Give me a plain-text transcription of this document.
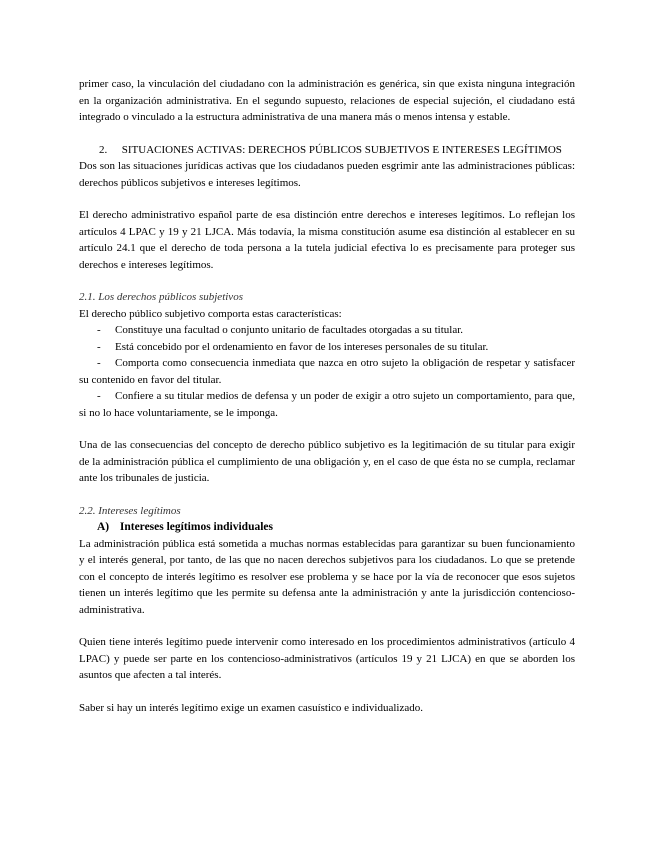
primer caso, la vinculación del ciudadano con la administración es genérica, sin que exista ninguna integración en la organización administrativa. En el segundo supuesto, relaciones de especial sujeción, el ciudadano está integrado o vinculado a la estructura administrativa de una manera más o menos intensa y estable.

2. SITUACIONES ACTIVAS: DERECHOS PÚBLICOS SUBJETIVOS E INTERESES LEGÍTIMOS

Dos son las situaciones jurídicas activas que los ciudadanos pueden esgrimir ante las administraciones públicas: derechos públicos subjetivos e intereses legítimos.

El derecho administrativo español parte de esa distinción entre derechos e intereses legítimos. Lo reflejan los artículos 4 LPAC y 19 y 21 LJCA. Más todavía, la misma constitución asume esa distinción al establecer en su artículo 24.1 que el derecho de toda persona a la tutela judicial efectiva lo es precisamente para proteger sus derechos e intereses legítimos.

2.1. Los derechos públicos subjetivos

El derecho público subjetivo comporta estas características:

- Constituye una facultad o conjunto unitario de facultades otorgadas a su titular.
- Está concebido por el ordenamiento en favor de los intereses personales de su titular.
- Comporta como consecuencia inmediata que nazca en otro sujeto la obligación de respetar y satisfacer su contenido en favor del titular.
- Confiere a su titular medios de defensa y un poder de exigir a otro sujeto un comportamiento, para que, si no lo hace voluntariamente, se le imponga.

Una de las consecuencias del concepto de derecho público subjetivo es la legitimación de su titular para exigir de la administración pública el cumplimiento de una obligación y, en el caso de que ésta no se cumpla, reclamar ante los tribunales de justicia.

2.2. Intereses legítimos
A) Intereses legítimos individuales

La administración pública está sometida a muchas normas establecidas para garantizar su buen funcionamiento y el interés general, por tanto, de las que no nacen derechos subjetivos para los ciudadanos. Lo que se pretende con el concepto de interés legítimo es resolver ese problema y se hace por la vía de reconocer que esos sujetos tienen un interés legítimo que les permite su defensa ante la administración y ante la jurisdicción contencioso-administrativa.

Quien tiene interés legítimo puede intervenir como interesado en los procedimientos administrativos (artículo 4 LPAC) y puede ser parte en los contencioso-administrativos (artículos 19 y 21 LJCA) en que se aborden los asuntos que afecten a tal interés.

Saber si hay un interés legítimo exige un examen casuístico e individualizado.
